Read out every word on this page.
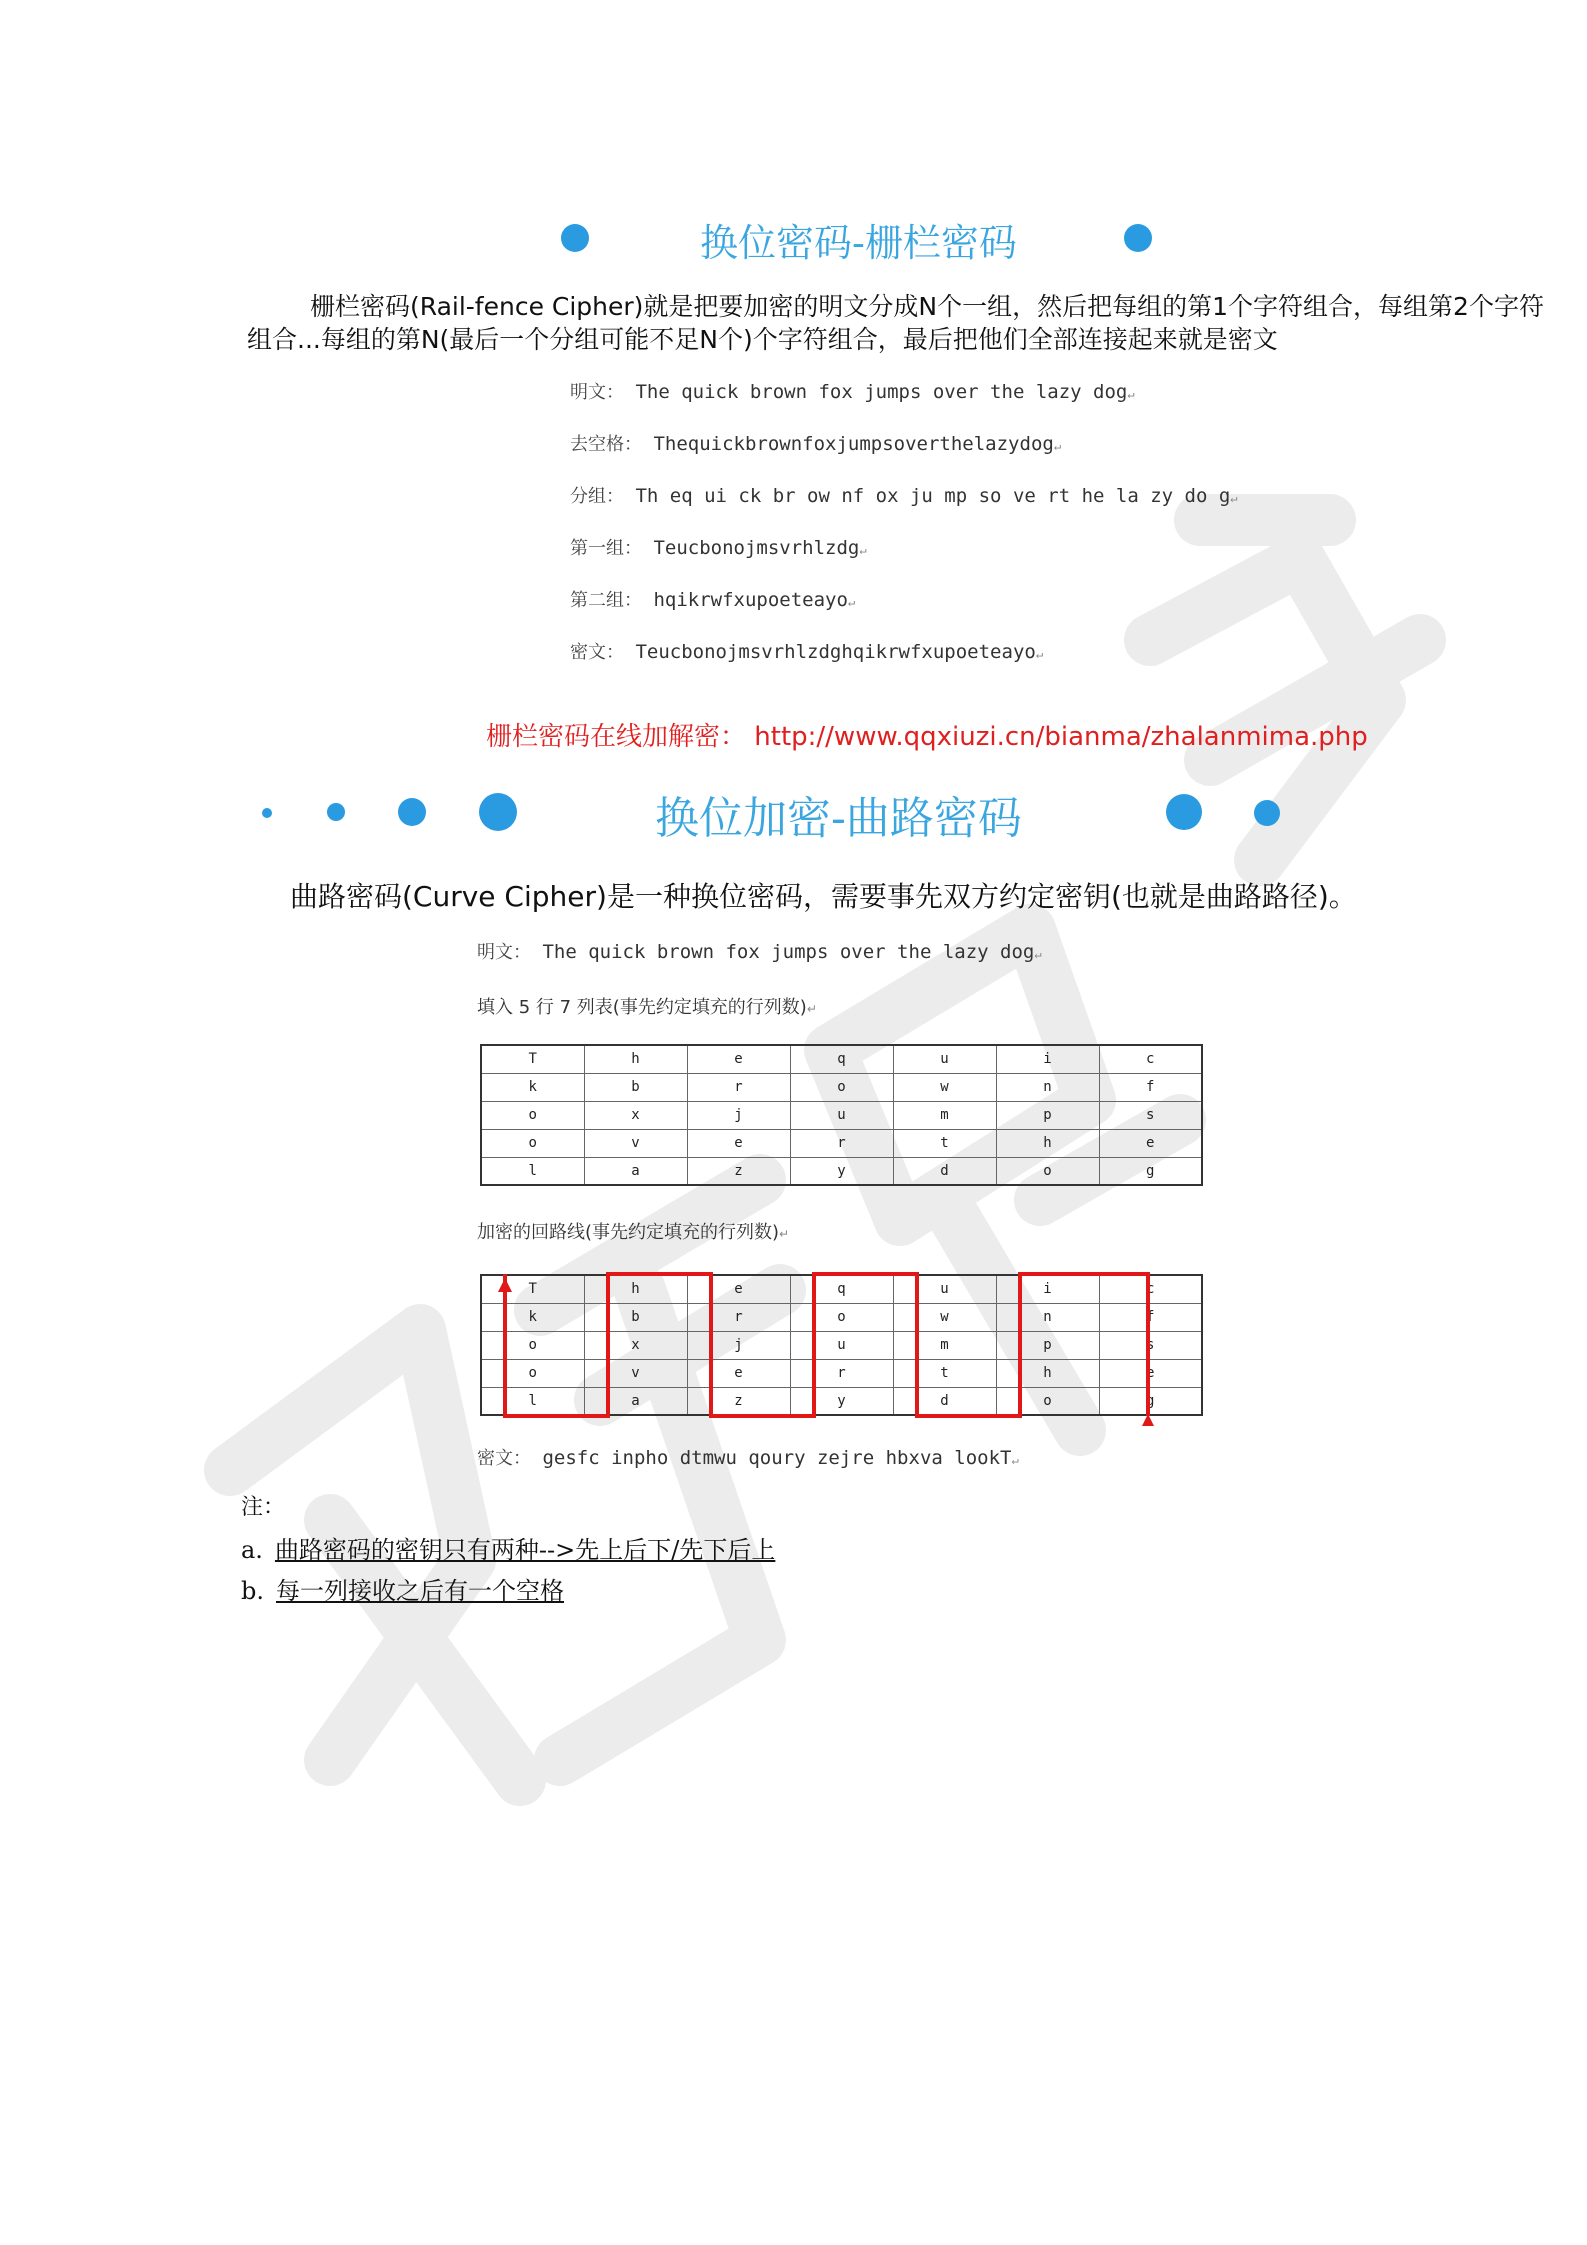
换位密码-栅栏密码
栅栏密码(Rail-fence Cipher)就是把要加密的明文分成N个一组，然后把每组的第1个字符组合，每组第2个字符组合...每组的第N(最后一个分组可能不足N个)个字符组合，最后把他们全部连接起来就是密文
明文： The quick brown fox jumps over the lazy dog↵
去空格： Thequickbrownfoxjumpsoverthelazydog↵
分组： Th eq ui ck br ow nf ox ju mp so ve rt he la zy do g↵
第一组： Teucbonojmsvrhlzdg↵
第二组： hqikrwfxupoeteayo↵
密文： Teucbonojmsvrhlzdghqikrwfxupoeteayo↵
栅栏密码在线加解密： http://www.qqxiuzi.cn/bianma/zhalanmima.php
换位加密-曲路密码
曲路密码(Curve Cipher)是一种换位密码，需要事先双方约定密钥(也就是曲路路径)。
明文： The quick brown fox jumps over the lazy dog↵
填入 5 行 7 列表(事先约定填充的行列数)↵
T	h	e	q	u	i	c
k	b	r	o	w	n	f
o	x	j	u	m	p	s
o	v	e	r	t	h	e
l	a	z	y	d	o	g
加密的回路线(事先约定填充的行列数)↵
T	h	e	q	u	i	c
k	b	r	o	w	n	f
o	x	j	u	m	p	s
o	v	e	r	t	h	e
l	a	z	y	d	o	g
密文： gesfc inpho dtmwu qoury zejre hbxva lookT↵
注：
a. 曲路密码的密钥只有两种-->先上后下/先下后上
b. 每一列接收之后有一个空格
